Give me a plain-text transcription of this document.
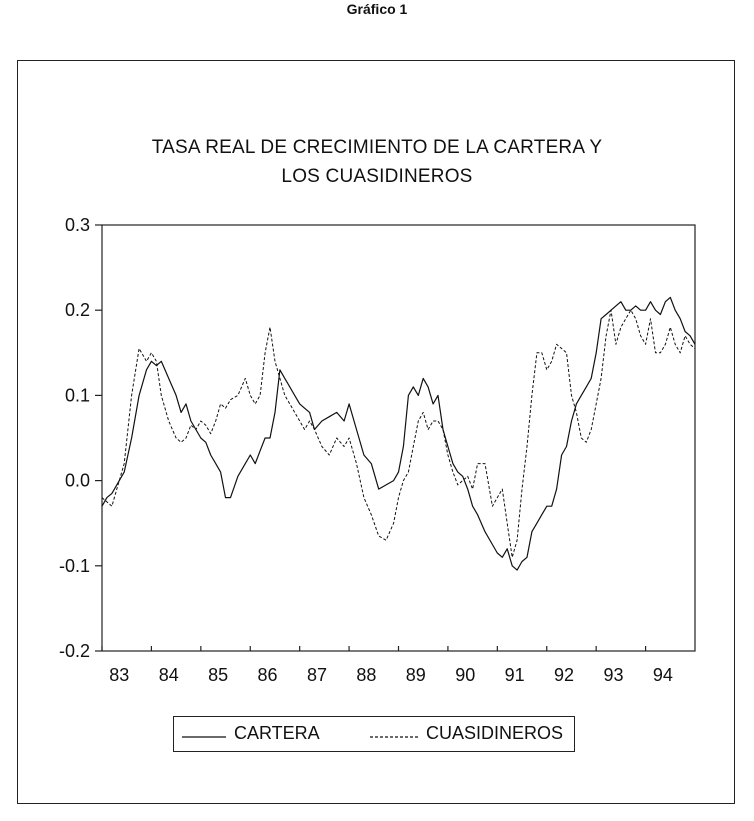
Gráfico 1
TASA REAL DE CRECIMIENTO DE LA CARTERA Y
LOS CUASIDINEROS
0.3
0.2
0.1
0.0
-0.1
-0.2
83 84 85 86 87 88 89 90 91 92 93 94
CARTERA	CUASIDINEROS
